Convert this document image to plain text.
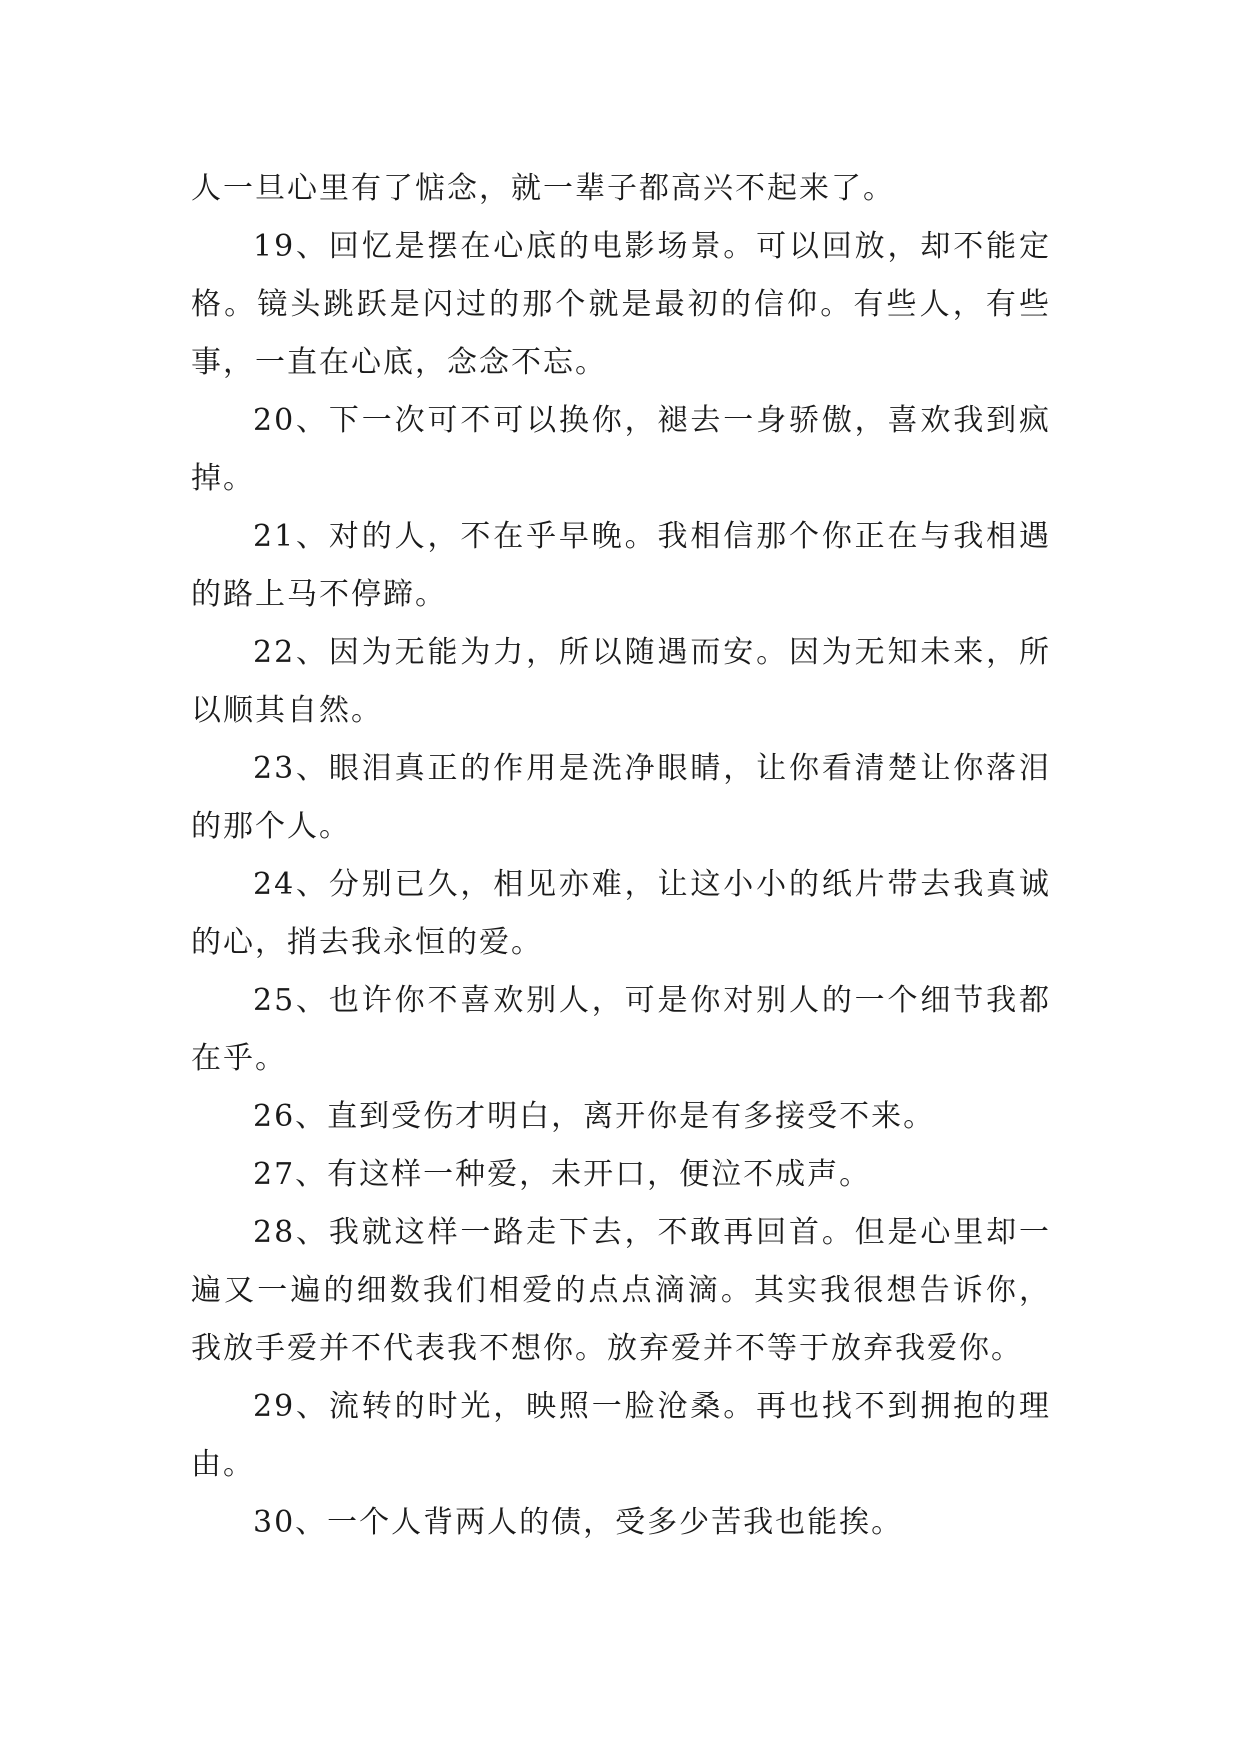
人一旦心里有了惦念，就一辈子都高兴不起来了。

19、回忆是摆在心底的电影场景。可以回放，却不能定格。镜头跳跃是闪过的那个就是最初的信仰。有些人，有些事，一直在心底，念念不忘。

20、下一次可不可以换你，褪去一身骄傲，喜欢我到疯掉。

21、对的人，不在乎早晚。我相信那个你正在与我相遇的路上马不停蹄。

22、因为无能为力，所以随遇而安。因为无知未来，所以顺其自然。

23、眼泪真正的作用是洗净眼睛，让你看清楚让你落泪的那个人。

24、分别已久，相见亦难，让这小小的纸片带去我真诚的心，捎去我永恒的爱。

25、也许你不喜欢别人，可是你对别人的一个细节我都在乎。

26、直到受伤才明白，离开你是有多接受不来。

27、有这样一种爱，未开口，便泣不成声。

28、我就这样一路走下去，不敢再回首。但是心里却一遍又一遍的细数我们相爱的点点滴滴。其实我很想告诉你，我放手爱并不代表我不想你。放弃爱并不等于放弃我爱你。

29、流转的时光，映照一脸沧桑。再也找不到拥抱的理由。

30、一个人背两人的债，受多少苦我也能挨。
